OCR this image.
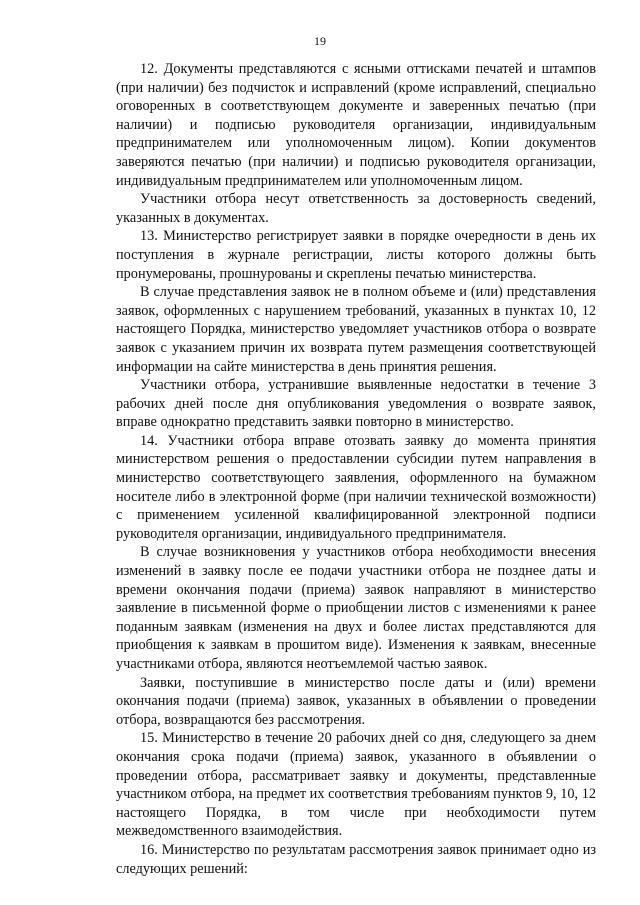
19

12. Документы представляются с ясными оттисками печатей и штампов (при наличии) без подчисток и исправлений (кроме исправлений, специально оговоренных в соответствующем документе и заверенных печатью (при наличии) и подписью руководителя организации, индивидуальным предпринимателем или уполномоченным лицом). Копии документов заверяются печатью (при наличии) и подписью руководителя организации, индивидуальным предпринимателем или уполномоченным лицом.

Участники отбора несут ответственность за достоверность сведений, указанных в документах.

13. Министерство регистрирует заявки в порядке очередности в день их поступления в журнале регистрации, листы которого должны быть пронумерованы, прошнурованы и скреплены печатью министерства.

В случае представления заявок не в полном объеме и (или) представления заявок, оформленных с нарушением требований, указанных в пунктах 10, 12 настоящего Порядка, министерство уведомляет участников отбора о возврате заявок с указанием причин их возврата путем размещения соответствующей информации на сайте министерства в день принятия решения.

Участники отбора, устранившие выявленные недостатки в течение 3 рабочих дней после дня опубликования уведомления о возврате заявок, вправе однократно представить заявки повторно в министерство.

14. Участники отбора вправе отозвать заявку до момента принятия министерством решения о предоставлении субсидии путем направления в министерство соответствующего заявления, оформленного на бумажном носителе либо в электронной форме (при наличии технической возможности) с применением усиленной квалифицированной электронной подписи руководителя организации, индивидуального предпринимателя.

В случае возникновения у участников отбора необходимости внесения изменений в заявку после ее подачи участники отбора не позднее даты и времени окончания подачи (приема) заявок направляют в министерство заявление в письменной форме о приобщении листов с изменениями к ранее поданным заявкам (изменения на двух и более листах представляются для приобщения к заявкам в прошитом виде). Изменения к заявкам, внесенные участниками отбора, являются неотъемлемой частью заявок.

Заявки, поступившие в министерство после даты и (или) времени окончания подачи (приема) заявок, указанных в объявлении о проведении отбора, возвращаются без рассмотрения.

15. Министерство в течение 20 рабочих дней со дня, следующего за днем окончания срока подачи (приема) заявок, указанного в объявлении о проведении отбора, рассматривает заявку и документы, представленные участником отбора, на предмет их соответствия требованиям пунктов 9, 10, 12 настоящего Порядка, в том числе при необходимости путем межведомственного взаимодействия.

16. Министерство по результатам рассмотрения заявок принимает одно из следующих решений:
